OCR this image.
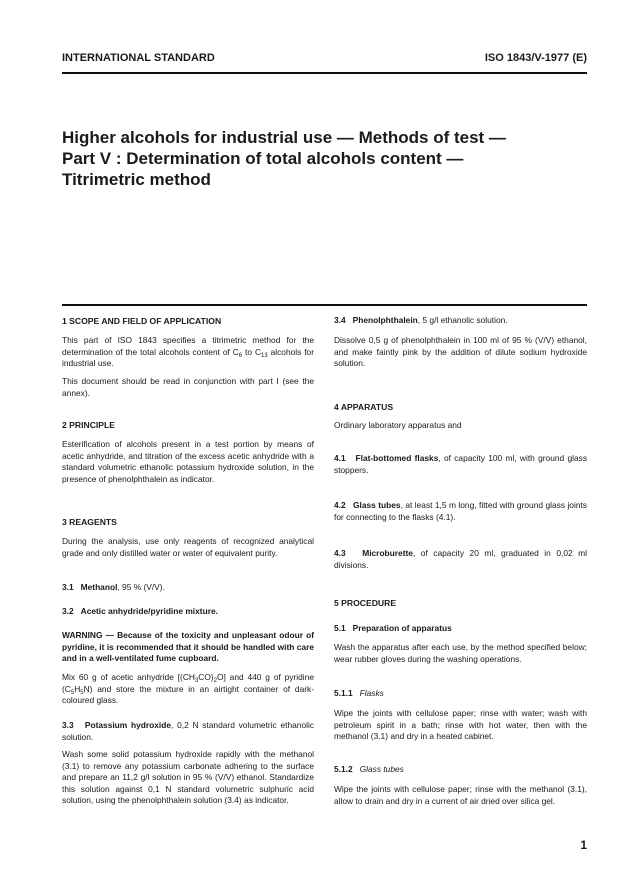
INTERNATIONAL STANDARD	ISO 1843/V-1977 (E)
Higher alcohols for industrial use — Methods of test —
Part V : Determination of total alcohols content —
Titrimetric method
1 SCOPE AND FIELD OF APPLICATION

This part of ISO 1843 specifies a titrimetric method for the determination of the total alcohols content of $C_6$ to $C_{13}$ alcohols for industrial use.

This document should be read in conjunction with part I (see the annex).

2 PRINCIPLE

Esterification of alcohols present in a test portion by means of acetic anhydride, and titration of the excess acetic anhydride with a standard volumetric ethanolic potassium hydroxide solution, in the presence of phenolphthalein as indicator.

3 REAGENTS

During the analysis, use only reagents of recognized analytical grade and only distilled water or water of equivalent purity.

3.1 Methanol, 95 % (V/V).
3.2 Acetic anhydride/pyridine mixture.

WARNING — Because of the toxicity and unpleasant odour of pyridine, it is recommended that it should be handled with care and in a well-ventilated fume cupboard.

Mix 60 g of acetic anhydride $[(CH_3CO)_2O]$ and 440 g of pyridine $(C_5H_5N)$ and store the mixture in an airtight container of dark-coloured glass.

3.3 Potassium hydroxide, 0,2 N standard volumetric ethanolic solution.

Wash some solid potassium hydroxide rapidly with the methanol (3.1) to remove any potassium carbonate adhering to the surface and prepare an 11,2 g/l solution in 95 % (V/V) ethanol. Standardize this solution against 0,1 N standard volumetric sulphuric acid solution, using the phenolphthalein solution (3.4) as indicator.

3.4 Phenolphthalein, 5 g/l ethanolic solution.

Dissolve 0,5 g of phenolphthalein in 100 ml of 95 % (V/V) ethanol, and make faintly pink by the addition of dilute sodium hydroxide solution.

4 APPARATUS

Ordinary laboratory apparatus and

4.1 Flat-bottomed flasks, of capacity 100 ml, with ground glass stoppers.

4.2 Glass tubes, at least 1,5 m long, fitted with ground glass joints for connecting to the flasks (4.1).

4.3 Microburette, of capacity 20 ml, graduated in 0,02 ml divisions.

5 PROCEDURE
5.1 Preparation of apparatus

Wash the apparatus after each use, by the method specified below; wear rubber gloves during the washing operations.

5.1.1 Flasks

Wipe the joints with cellulose paper; rinse with water; wash with petroleum spirit in a bath; rinse with hot water, then with the methanol (3.1) and dry in a heated cabinet.

5.1.2 Glass tubes

Wipe the joints with cellulose paper; rinse with the methanol (3.1), allow to drain and dry in a current of air dried over silica gel.

1
